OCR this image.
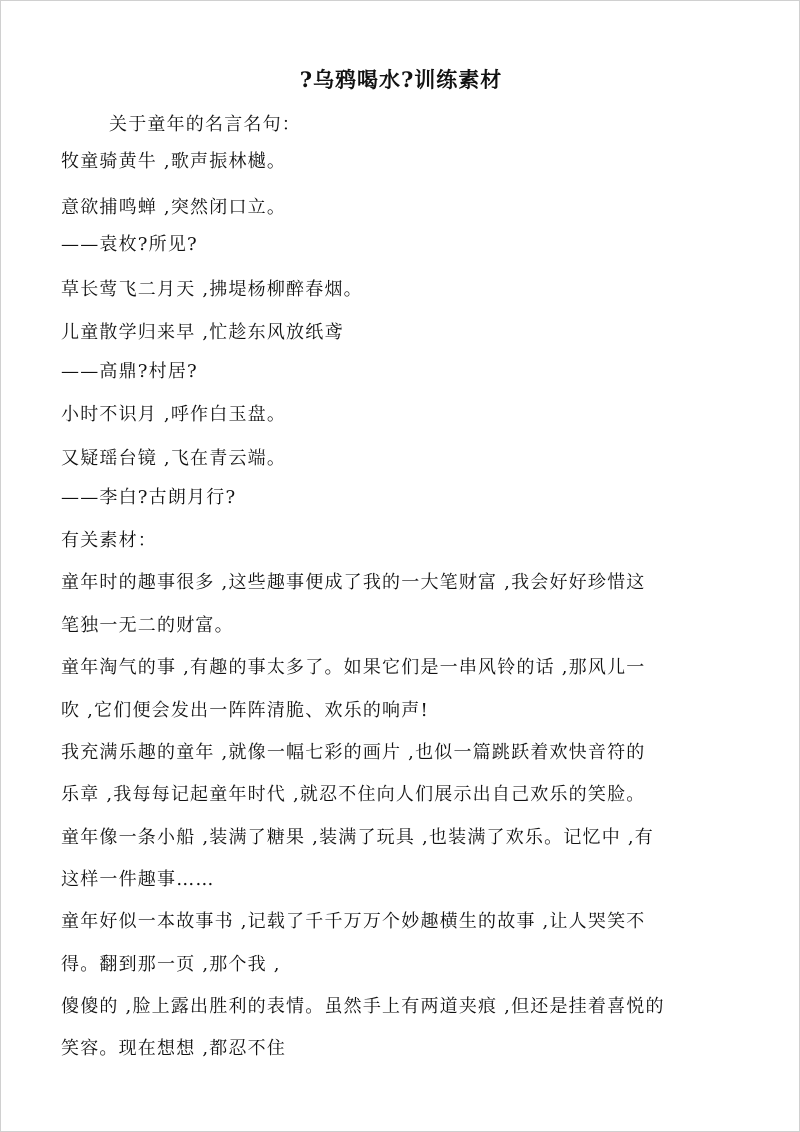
?乌鸦喝水?训练素材
关于童年的名言名句：
牧童骑黄牛 ,歌声振林樾。
意欲捕鸣蝉 ,突然闭口立。
——袁枚?所见?
草长莺飞二月天 ,拂堤杨柳醉春烟。
儿童散学归来早 ,忙趁东风放纸鸢
——高鼎?村居?
小时不识月 ,呼作白玉盘。
又疑瑶台镜 ,飞在青云端。
——李白?古朗月行?
有关素材：
童年时的趣事很多 ,这些趣事便成了我的一大笔财富 ,我会好好珍惜这
笔独一无二的财富。
童年淘气的事 ,有趣的事太多了。如果它们是一串风铃的话 ,那风儿一
吹 ,它们便会发出一阵阵清脆、欢乐的响声!
我充满乐趣的童年 ,就像一幅七彩的画片 ,也似一篇跳跃着欢快音符的
乐章 ,我每每记起童年时代 ,就忍不住向人们展示出自己欢乐的笑脸。
童年像一条小船 ,装满了糖果 ,装满了玩具 ,也装满了欢乐。记忆中 ,有
这样一件趣事……
童年好似一本故事书 ,记载了千千万万个妙趣横生的故事 ,让人哭笑不
得。翻到那一页 ,那个我 ,
傻傻的 ,脸上露出胜利的表情。虽然手上有两道夹痕 ,但还是挂着喜悦的
笑容。现在想想 ,都忍不住
